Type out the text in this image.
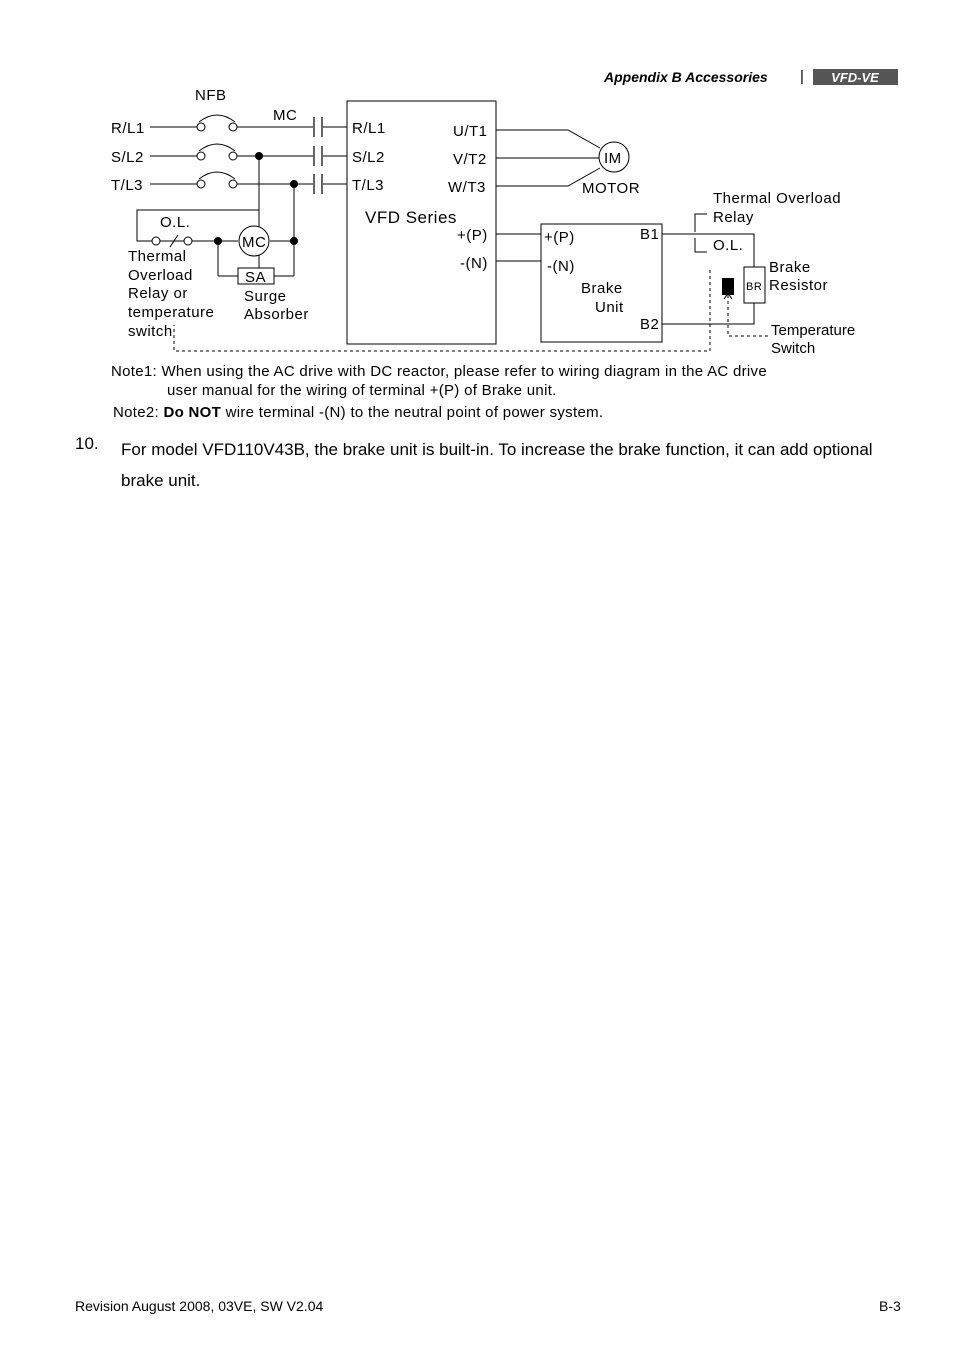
Appendix B Accessories | VFD-VE
NFB
MC
R/L1
S/L2
T/L3
O.L.
Thermal
Overload
Relay or
temperature
switch
MC
SA
Surge
Absorber
R/L1
S/L2
T/L3
U/T1
V/T2
W/T3
VFD Series
+(P)
-(N)
IM
MOTOR
+(P)
-(N)
B1
B2
Brake
Unit
Thermal Overload
Relay
O.L.
BR
Brake
Resistor
Temperature
Switch
Note1: When using the AC drive with DC reactor, please refer to wiring diagram in the AC drive
user manual for the wiring of terminal +(P) of Brake unit.
Note2: Do NOT wire terminal -(N) to the neutral point of power system.
10. For model VFD110V43B, the brake unit is built-in. To increase the brake function, it can add optional brake unit.
Revision August 2008, 03VE, SW V2.04	B-3
